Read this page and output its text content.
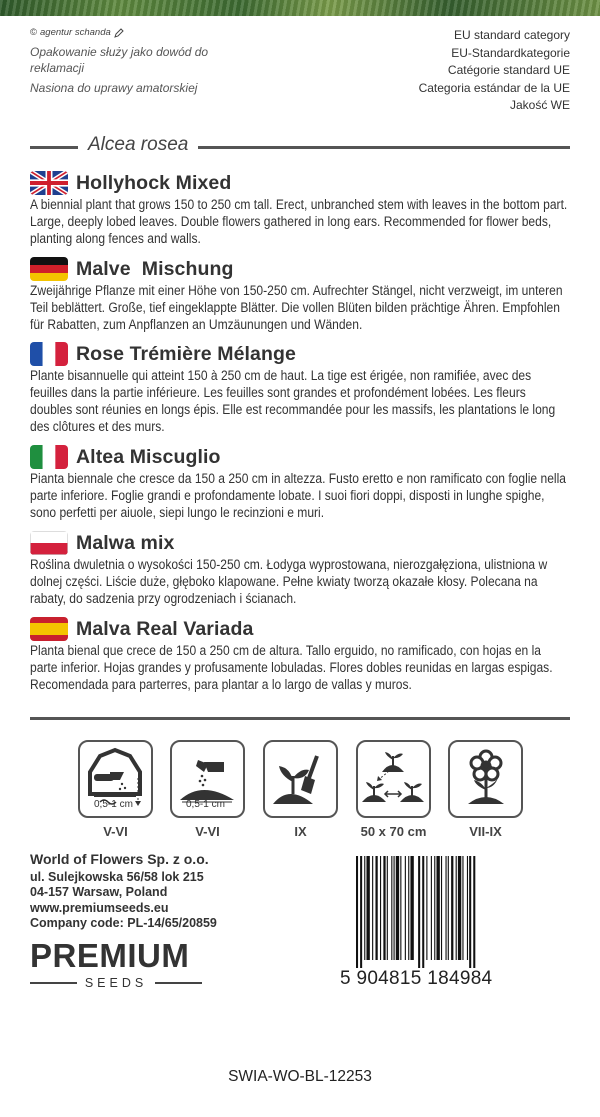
© agentur schanda
Opakowanie służy jako dowód do reklamacji
Nasiona do uprawy amatorskiej
EU standard category
EU-Standardkategorie
Catégorie standard UE
Categoria estándar de la UE
Jakość WE
Alcea rosea
Hollyhock Mixed
A biennial plant that grows 150 to 250 cm tall. Erect, unbranched stem with leaves in the bottom part. Large, deeply lobed leaves. Double flowers gathered in long ears. Recommended for flower beds, planting along fences and walls.
Malve  Mischung
Zweijährige Pflanze mit einer Höhe von 150-250 cm. Aufrechter Stängel, nicht verzweigt, im unteren Teil beblättert. Große, tief eingeklappte Blätter. Die vollen Blüten bilden prächtige Ähren. Empfohlen für Rabatten, zum Anpflanzen an Umzäunungen und Wänden.
Rose Trémière Mélange
Plante bisannuelle qui atteint 150 à 250 cm de haut. La tige est érigée, non ramifiée, avec des feuilles dans la partie inférieure. Les feuilles sont grandes et profondément lobées. Les fleurs doubles sont réunies en longs épis. Elle est recommandée pour les massifs, les plantations le long des clôtures et des murs.
Altea Miscuglio
Pianta biennale che cresce da 150 a 250 cm in altezza. Fusto eretto e non ramificato con foglie nella parte inferiore. Foglie grandi e profondamente lobate. I suoi fiori doppi, disposti in lunghe spighe, sono perfetti per aiuole, siepi lungo le recinzioni e muri.
Malwa mix
Roślina dwuletnia o wysokości 150-250 cm. Łodyga wyprostowana, nierozgałęziona, ulistniona w dolnej części. Liście duże, głęboko klapowane. Pełne kwiaty tworzą okazałe kłosy. Polecana na rabaty, do sadzenia przy ogrodzeniach i ścianach.
Malva Real Variada
Planta bienal que crece de 150 a 250 cm de altura. Tallo erguido, no ramificado, con hojas en la parte inferior. Hojas grandes y profusamente lobuladas. Flores dobles reunidas en largas espigas. Recomendada para parterres, para plantar a lo largo de vallas y muros.
0,5-1 cm
V-VI
0,5-1 cm
V-VI	IX	50 x 70 cm	VII-IX
World of Flowers Sp. z o.o.
ul. Sulejkowska 56/58 lok 215
04-157 Warsaw, Poland
www.premiumseeds.eu
Company code: PL-14/65/20859
PREMIUM
SEEDS	5 904815 184984
SWIA-WO-BL-12253
